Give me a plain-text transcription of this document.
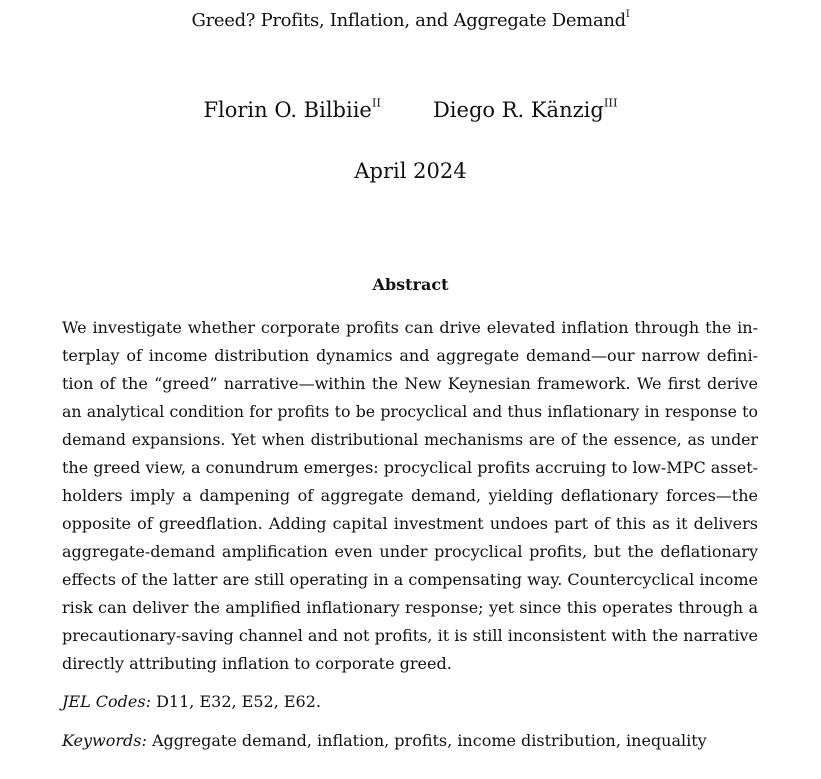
Greed? Profits, Inflation, and Aggregate Demand$^I$
Florin O. Bilbiie$^{II}$ Diego R. Känzig$^{III}$
April 2024
Abstract
We investigate whether corporate profits can drive elevated inflation through the in-
terplay of income distribution dynamics and aggregate demand—our narrow defini-
tion of the “greed” narrative—within the New Keynesian framework. We first derive
an analytical condition for profits to be procyclical and thus inflationary in response to
demand expansions. Yet when distributional mechanisms are of the essence, as under
the greed view, a conundrum emerges: procyclical profits accruing to low-MPC asset-
holders imply a dampening of aggregate demand, yielding deflationary forces—the
opposite of greedflation. Adding capital investment undoes part of this as it delivers
aggregate-demand amplification even under procyclical profits, but the deflationary
effects of the latter are still operating in a compensating way. Countercyclical income
risk can deliver the amplified inflationary response; yet since this operates through a
precautionary-saving channel and not profits, it is still inconsistent with the narrative
directly attributing inflation to corporate greed.
JEL Codes: D11, E32, E52, E62.
Keywords: Aggregate demand, inflation, profits, income distribution, inequality
